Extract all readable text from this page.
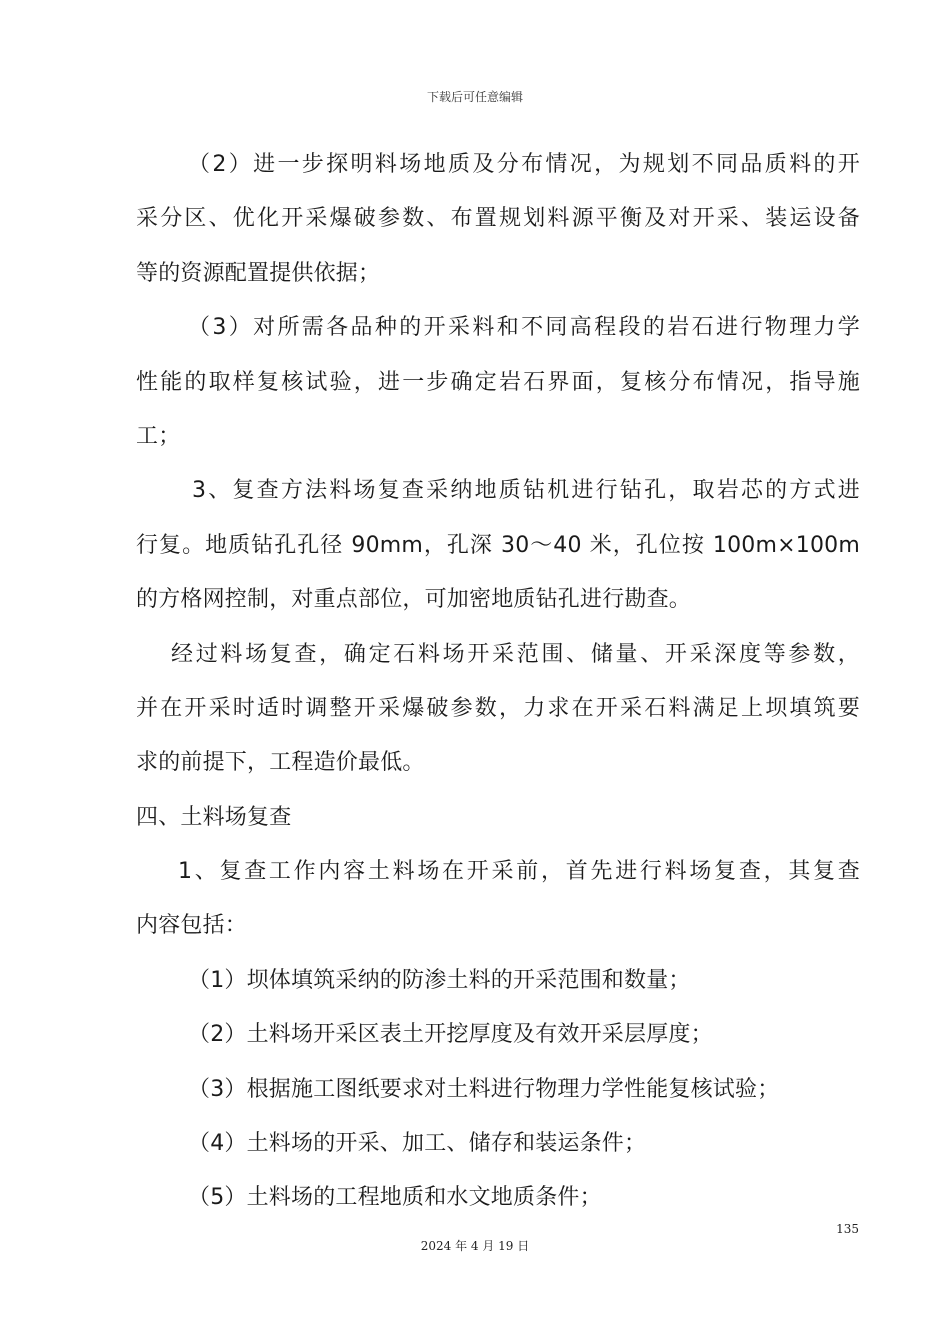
下载后可任意编辑
（2）进一步探明料场地质及分布情况，为规划不同品质料的开
采分区、优化开采爆破参数、布置规划料源平衡及对开采、装运设备
等的资源配置提供依据；
（3）对所需各品种的开采料和不同高程段的岩石进行物理力学
性能的取样复核试验，进一步确定岩石界面，复核分布情况，指导施
工；
3、复查方法料场复查采纳地质钻机进行钻孔，取岩芯的方式进
行复。地质钻孔孔径 90mm，孔深 30～40 米，孔位按 100m×100m
的方格网控制，对重点部位，可加密地质钻孔进行勘查。
经过料场复查，确定石料场开采范围、储量、开采深度等参数，
并在开采时适时调整开采爆破参数，力求在开采石料满足上坝填筑要
求的前提下，工程造价最低。
四、土料场复查
1、复查工作内容土料场在开采前，首先进行料场复查，其复查
内容包括：
（1）坝体填筑采纳的防渗土料的开采范围和数量；
（2）土料场开采区表土开挖厚度及有效开采层厚度；
（3）根据施工图纸要求对土料进行物理力学性能复核试验；
（4）土料场的开采、加工、储存和装运条件；
（5）土料场的工程地质和水文地质条件；
135
2024 年 4 月 19 日
